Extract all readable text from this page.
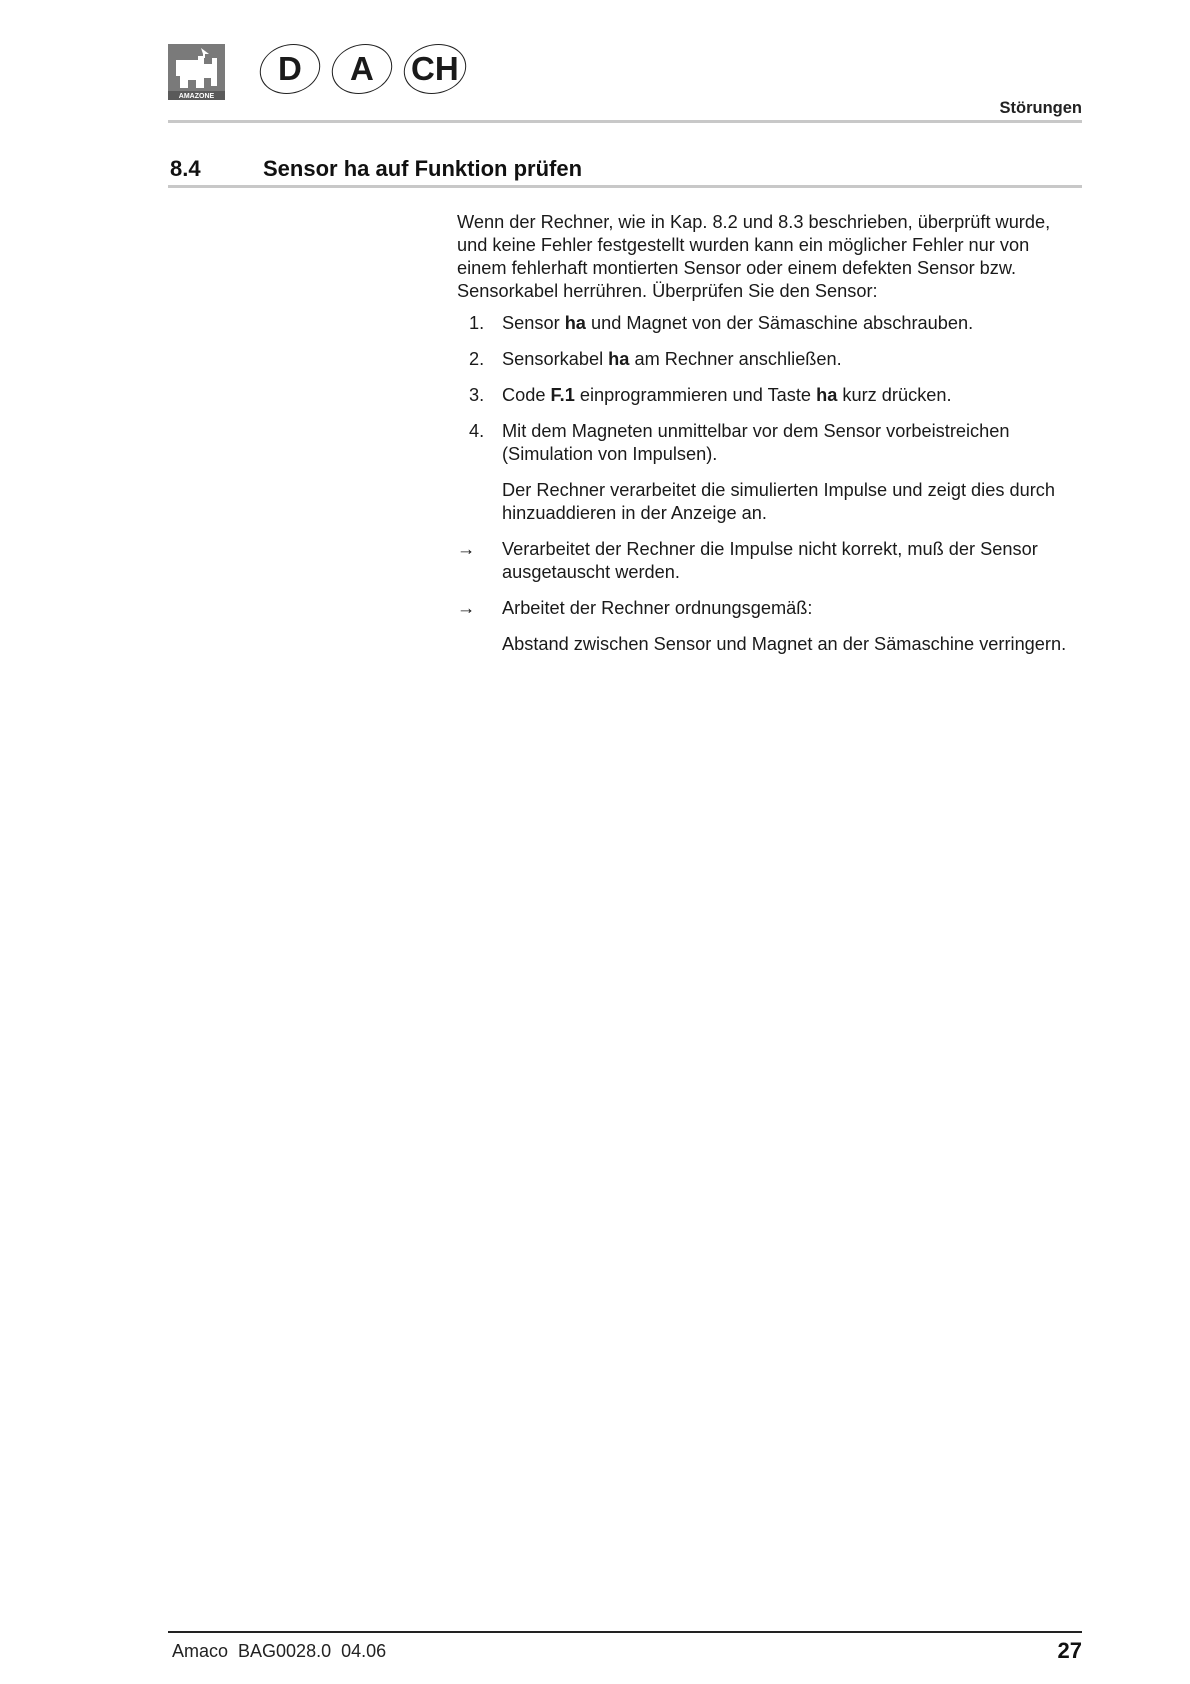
AMAZONE
D A CH
Störungen
8.4	Sensor ha auf Funktion prüfen

Wenn der Rechner, wie in Kap. 8.2 und 8.3 beschrieben, überprüft wurde, und keine Fehler festgestellt wurden kann ein möglicher Fehler nur von einem fehlerhaft montierten Sensor oder einem defekten Sensor bzw. Sensorkabel herrühren. Überprüfen Sie den Sensor:

1. Sensor ha und Magnet von der Sämaschine abschrauben.
2. Sensorkabel ha am Rechner anschließen.
3. Code F.1 einprogrammieren und Taste ha kurz drücken.
4. Mit dem Magneten unmittelbar vor dem Sensor vorbeistreichen (Simulation von Impulsen).
Der Rechner verarbeitet die simulierten Impulse und zeigt dies durch hinzuaddieren in der Anzeige an.
→ Verarbeitet der Rechner die Impulse nicht korrekt, muß der Sensor ausgetauscht werden.
→ Arbeitet der Rechner ordnungsgemäß:
Abstand zwischen Sensor und Magnet an der Sämaschine verringern.
Amaco  BAG0028.0  04.06	27
